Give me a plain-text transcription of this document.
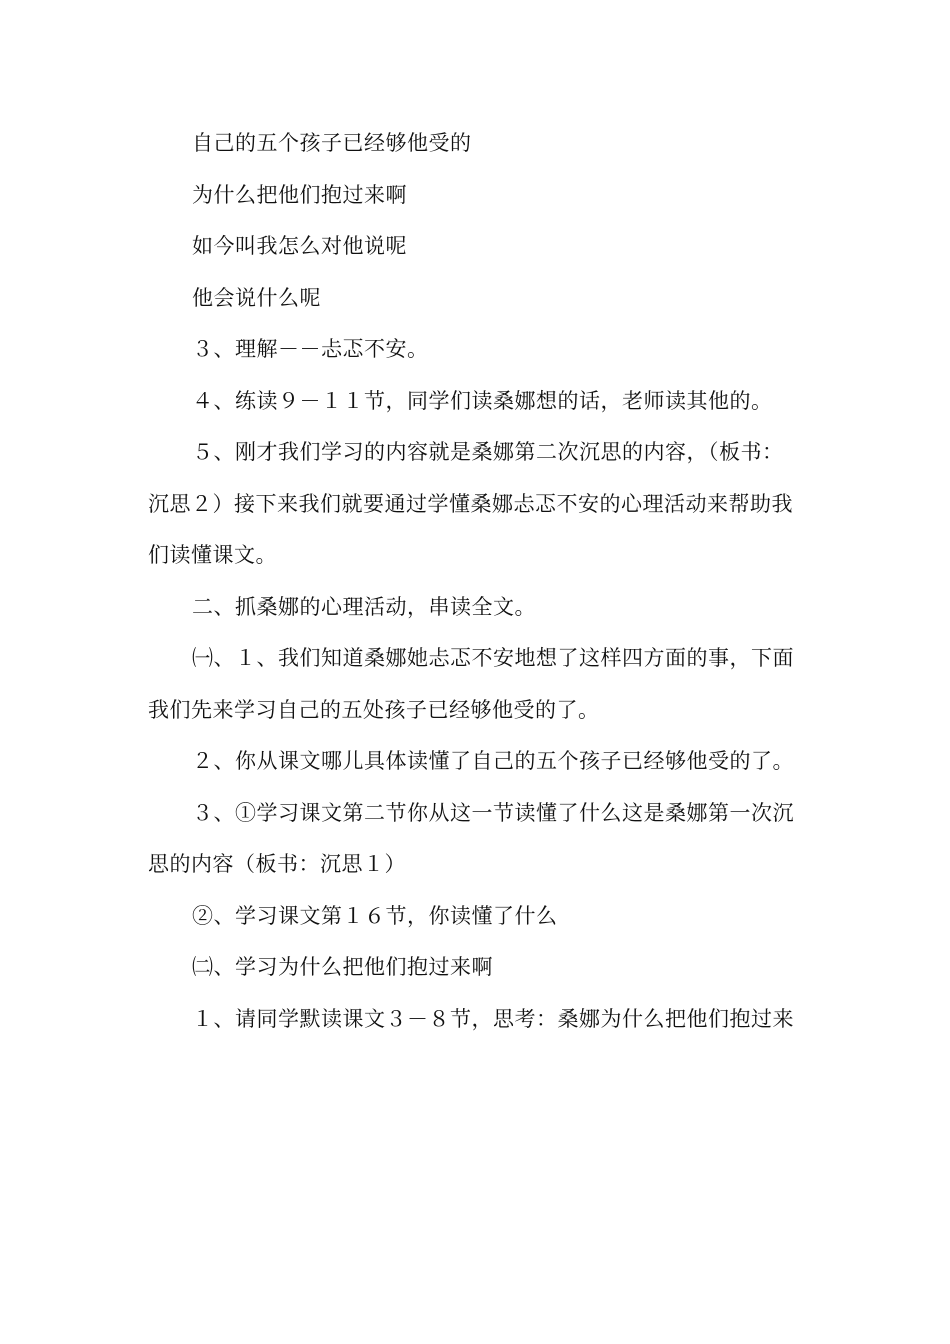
自己的五个孩子已经够他受的

为什么把他们抱过来啊

如今叫我怎么对他说呢

他会说什么呢

３、理解－－忐忑不安。

４、练读９－１１节，同学们读桑娜想的话，老师读其他的。

５、刚才我们学习的内容就是桑娜第二次沉思的内容，（板书：沉思２）接下来我们就要通过学懂桑娜忐忑不安的心理活动来帮助我们读懂课文。

二、抓桑娜的心理活动，串读全文。

㈠、１、我们知道桑娜她忐忑不安地想了这样四方面的事，下面我们先来学习自己的五处孩子已经够他受的了。

２、你从课文哪儿具体读懂了自己的五个孩子已经够他受的了。

３、①学习课文第二节你从这一节读懂了什么这是桑娜第一次沉思的内容（板书：沉思１）

②、学习课文第１６节，你读懂了什么

㈡、学习为什么把他们抱过来啊

１、请同学默读课文３－８节，思考：桑娜为什么把他们抱过来
